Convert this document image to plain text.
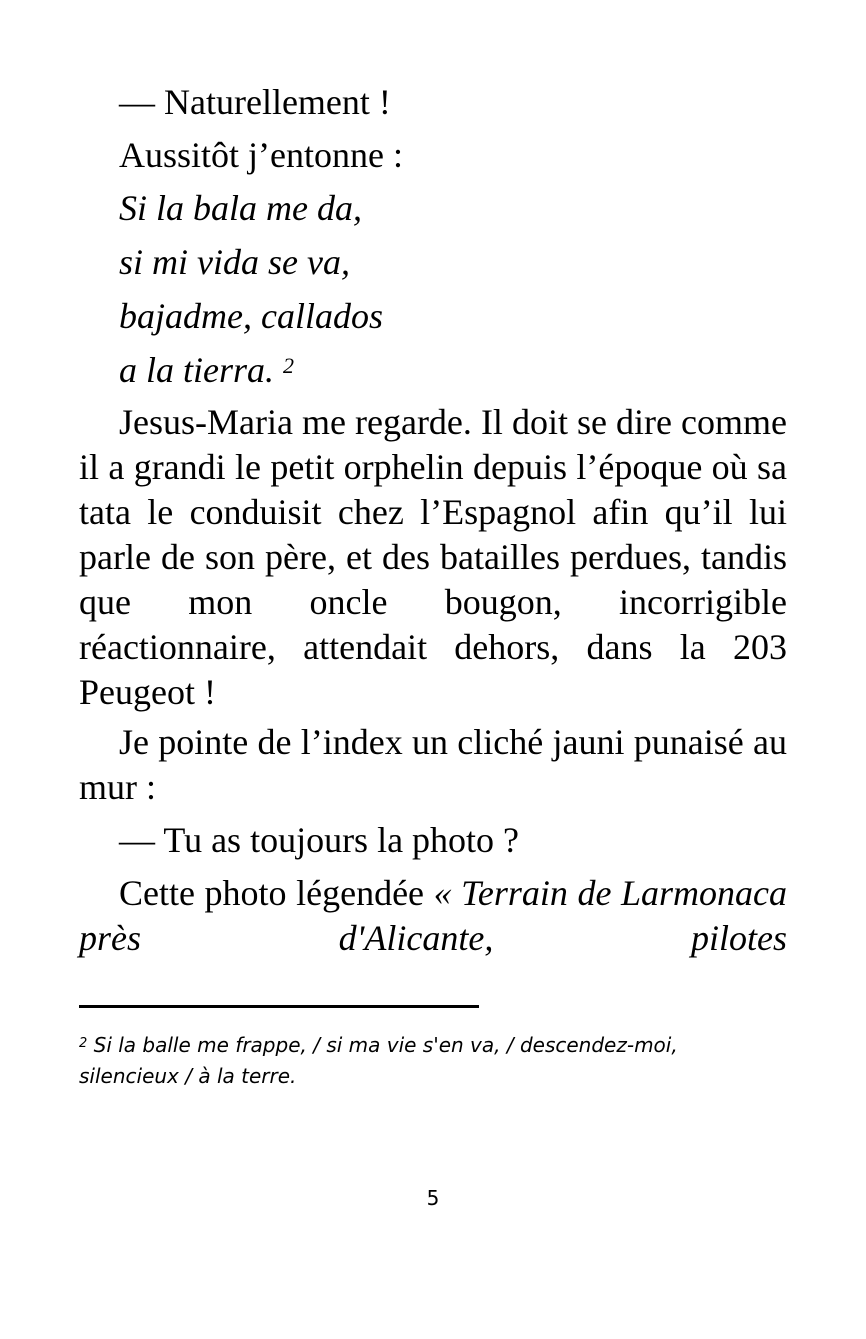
— Naturellement !
Aussitôt j’entonne :
Si la bala me da,
si mi vida se va,
bajadme, callados
a la tierra. $^2$
Jesus-Maria me regarde. Il doit se dire comme il a grandi le petit orphelin depuis l’époque où sa tata le conduisit chez l’Espagnol afin qu’il lui parle de son père, et des batailles perdues, tandis que mon oncle bougon, incorrigible réactionnaire, attendait dehors, dans la 203 Peugeot !
Je pointe de l’index un cliché jauni punaisé au mur :
— Tu as toujours la photo ?
Cette photo légendée « Terrain de Larmonaca près d'Alicante, pilotes
$^2$ Si la balle me frappe, / si ma vie s'en va, / descendez-moi, silencieux / à la terre.
5
